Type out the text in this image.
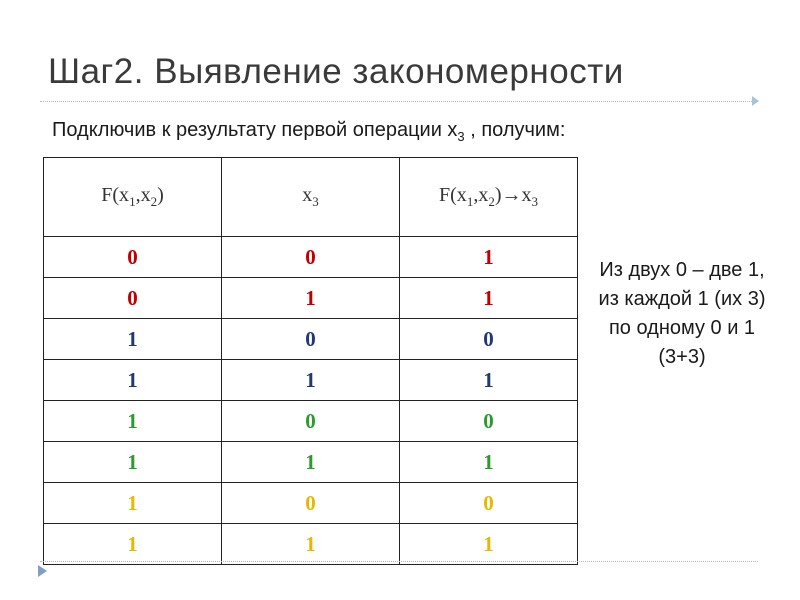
Шаг2. Выявление закономерности
Подключив к результату первой операции $x_3$ , получим:
$F(x_1,x_2)$	$x_3$	$F(x_1,x_2)\to x_3$
0	0	1
0	1	1
1	0	0
1	1	1
1	0	0
1	1	1
1	0	0
1	1	1
Из двух 0 – две 1, из каждой 1 (их 3) по одному 0 и 1 (3+3)
